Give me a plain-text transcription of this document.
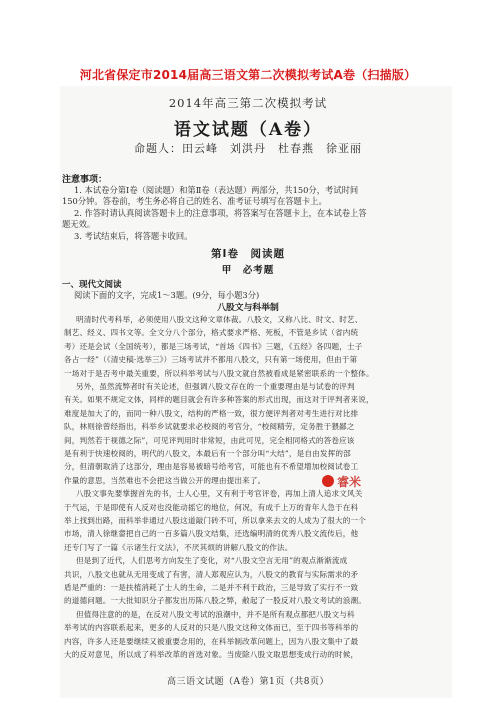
河北省保定市2014届高三语文第二次模拟考试A卷（扫描版）
2014年高三第二次模拟考试
语文试题（A卷）
命题人：田云峰　刘洪丹　杜春燕　徐亚丽
注意事项：
1. 本试卷分第Ⅰ卷（阅读题）和第Ⅱ卷（表达题）两部分，共150分，考试时间
150分钟。答卷前，考生务必将自己的姓名、准考证号填写在答题卡上。
2. 作答时请认真阅读答题卡上的注意事项，将答案写在答题卡上，在本试卷上答
题无效。
3. 考试结束后，将答题卡收回。
第Ⅰ卷　阅读题
甲　必考题
一、现代文阅读
阅读下面的文字，完成1～3题。(9分，每小题3分)
八股文与科举制
明清时代考科举，必须使用八股文这种文章体裁。八股文，又称八比、时文、时艺、
制艺、经义、四书文等。全文分八个部分，格式要求严格、死板，不管是乡试（省内统
考）还是会试（全国统考），都是三场考试，“首场《四书》三题，《五经》各四题，士子
各占一经”（《清史稿·选举三》）三场考试并不都用八股文，只有第一场使用，但由于第
一场对于是否考中最关重要，所以科举考试与八股文就自然被看成是紧密联系的一个整体。
另外，虽然流弊者时有关论述，但强调八股文存在的一个重要理由是与试卷的评判
有关。如果不规定文体，同样的题目就会有许多种答案的形式出现，而这对于评判者来说，
难度是加大了的，而同一种八股文，结构的严格一致，很方便评判者对考生进行对比排
队，林则徐曾经指出，科举乡试就要求必校阅的考官分，“校阅精劳，定务胜于猥鄙之
间，判然若于视德之际”，可见评判用时非常短，由此可见，完全相同格式的答卷应该
是有利于快速校阅的，明代的八股文，本最后有一个部分叫“大结”，是自由发挥的部
分，但清朝取消了这部分，理由是容易被暗号给考官，可能也有不希望增加校阅试卷工
作量的意思，当然难也不会把这当做公开的理由提出来了。
八股文事先要掌握首先的书，士人心里，又有利于考官评卷，再加上清人追求文风关
于气运，于是即使有人反对也没能动摇它的地位，何况，有成千上万的青年人急于在科
举上找到出路，而科举非通过八股这道敲门砖不可，所以拿来去文的人成为了很大的一个
市场，清人徐继畲把自己的一百多篇八股文结集，还选编明清的优秀八股文流传后，他
还专门写了一篇《示诸生行文法》，不厌其烦的讲解八股文的作法。
但是到了近代，人们思考方向发生了变化，对“八股文空言无用”的观点渐渐流成
共识，八股文也就从无用变成了有害，清人郑观应认为，八股文的教育与实际需求的矛
盾是严重的：一是扶植消耗了士人的生命，二是并不利于政治，三是导致了实行不一致
的道德问题。一大批知识分子都发出历陈八股之弊，敝起了一股反对八股文考试的浪潮。
但值得注意的的是，在反对八股文考试的浪潮中，并不是所有观点都把八股文与科
举考试的内容联系起来，更多的人反对的只是八股文这种文体而已，至于四书等科举的
内容，许多人还是要继续又被重要念用的，在科举制改革问题上，因为八股文集中了最
大的反对意见，所以成了科举改革的首选对象。当废除八股文取思想变成行动的时候，
睿米
高三语文试题（A卷）第1页（共8页）
